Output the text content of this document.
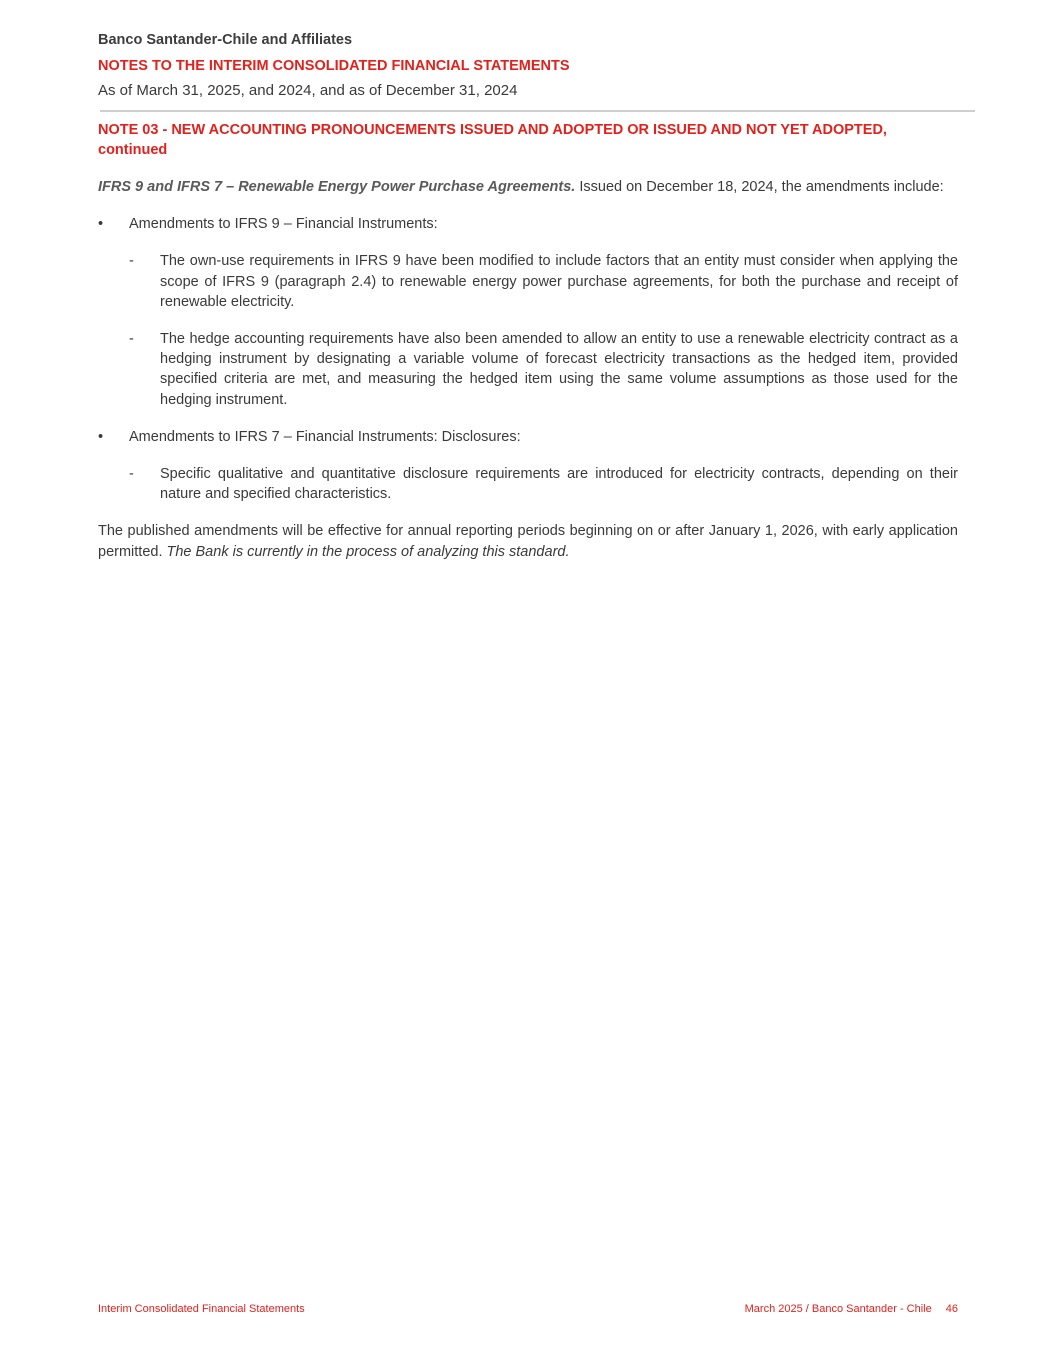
Banco Santander-Chile and Affiliates
NOTES TO THE INTERIM CONSOLIDATED FINANCIAL STATEMENTS
As of March 31, 2025, and 2024, and as of December 31, 2024
NOTE 03 - NEW ACCOUNTING PRONOUNCEMENTS ISSUED AND ADOPTED OR ISSUED AND NOT YET ADOPTED, continued

IFRS 9 and IFRS 7 – Renewable Energy Power Purchase Agreements. Issued on December 18, 2024, the amendments include:

•	Amendments to IFRS 9 – Financial Instruments:
-	The own-use requirements in IFRS 9 have been modified to include factors that an entity must consider when applying the scope of IFRS 9 (paragraph 2.4) to renewable energy power purchase agreements, for both the purchase and receipt of renewable electricity.
-	The hedge accounting requirements have also been amended to allow an entity to use a renewable electricity contract as a hedging instrument by designating a variable volume of forecast electricity transactions as the hedged item, provided specified criteria are met, and measuring the hedged item using the same volume assumptions as those used for the hedging instrument.
•	Amendments to IFRS 7 – Financial Instruments: Disclosures:
-	Specific qualitative and quantitative disclosure requirements are introduced for electricity contracts, depending on their nature and specified characteristics.

The published amendments will be effective for annual reporting periods beginning on or after January 1, 2026, with early application permitted. The Bank is currently in the process of analyzing this standard.

Interim Consolidated Financial Statements	March 2025 / Banco Santander - Chile 46
